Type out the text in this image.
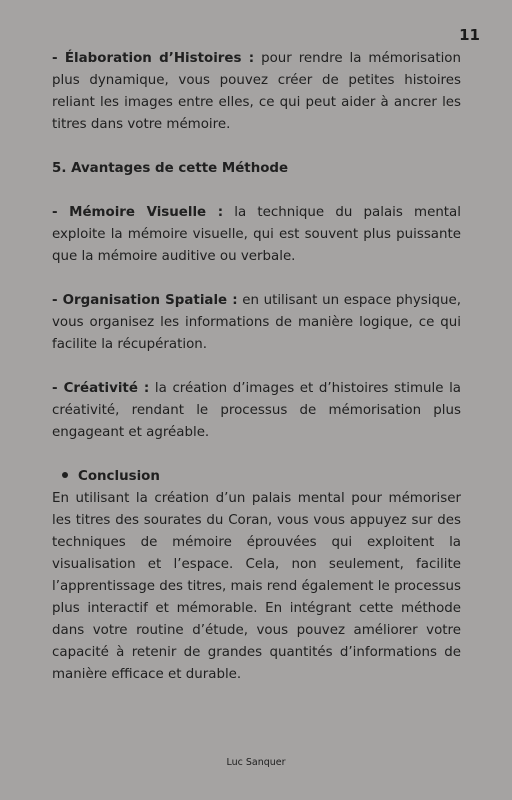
11

- Élaboration d’Histoires : pour rendre la mémorisation plus dynamique, vous pouvez créer de petites histoires reliant les images entre elles, ce qui peut aider à ancrer les titres dans votre mémoire.

5. Avantages de cette Méthode

- Mémoire Visuelle : la technique du palais mental exploite la mémoire visuelle, qui est souvent plus puissante que la mémoire auditive ou verbale.

- Organisation Spatiale : en utilisant un espace physique, vous organisez les informations de manière logique, ce qui facilite la récupération.

- Créativité : la création d’images et d’histoires stimule la créativité, rendant le processus de mémorisation plus engageant et agréable.

Conclusion

En utilisant la création d’un palais mental pour mémoriser les titres des sourates du Coran, vous vous appuyez sur des techniques de mémoire éprouvées qui exploitent la visualisation et l’espace. Cela, non seulement, facilite l’apprentissage des titres, mais rend également le processus plus interactif et mémorable. En intégrant cette méthode dans votre routine d’étude, vous pouvez améliorer votre capacité à retenir de grandes quantités d’informations de manière efficace et durable.

Luc Sanquer
